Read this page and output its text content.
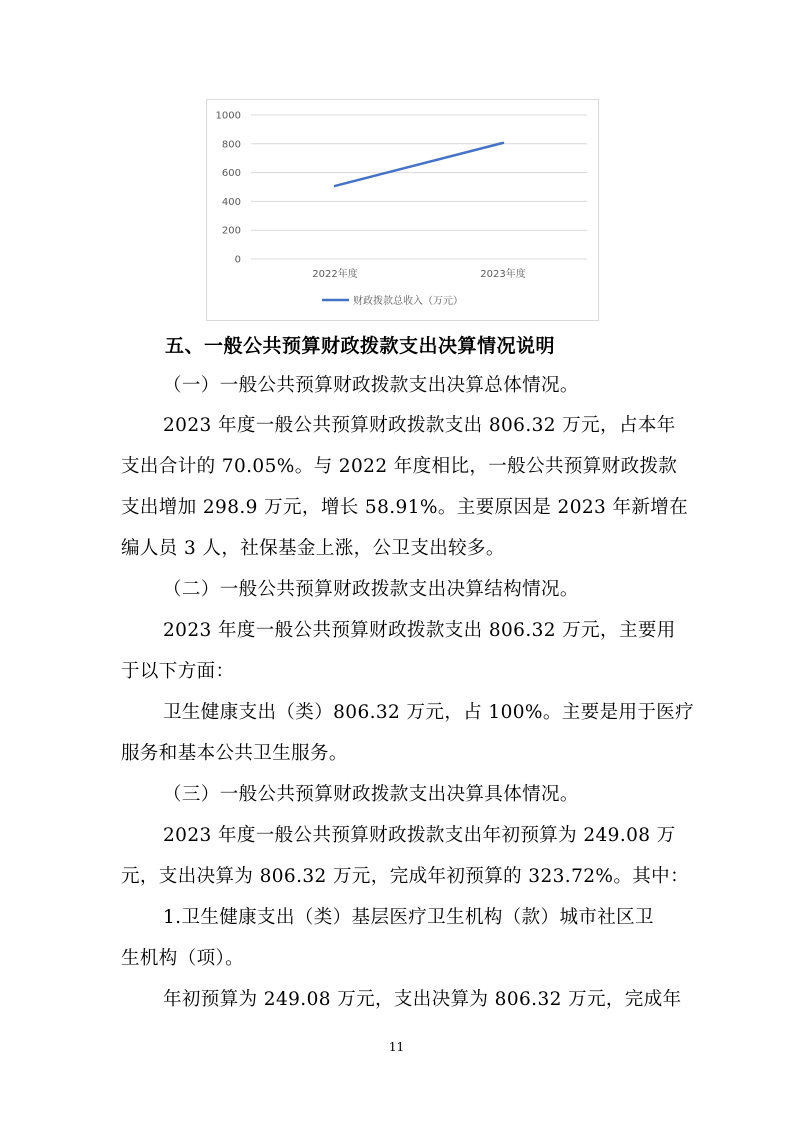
1000
800
600
400
200
0
2022年度	2023年度
财政拨款总收入（万元）
五、一般公共预算财政拨款支出决算情况说明
（一）一般公共预算财政拨款支出决算总体情况。
2023 年度一般公共预算财政拨款支出 806.32 万元，占本年
支出合计的 70.05%。与 2022 年度相比，一般公共预算财政拨款
支出增加 298.9 万元，增长 58.91%。主要原因是 2023 年新增在
编人员 3 人，社保基金上涨，公卫支出较多。
（二）一般公共预算财政拨款支出决算结构情况。
2023 年度一般公共预算财政拨款支出 806.32 万元，主要用
于以下方面：
卫生健康支出（类）806.32 万元，占 100%。主要是用于医疗
服务和基本公共卫生服务。
（三）一般公共预算财政拨款支出决算具体情况。
2023 年度一般公共预算财政拨款支出年初预算为 249.08 万
元，支出决算为 806.32 万元，完成年初预算的 323.72%。其中：
1.卫生健康支出（类）基层医疗卫生机构（款）城市社区卫
生机构（项）。
年初预算为 249.08 万元，支出决算为 806.32 万元，完成年
11
